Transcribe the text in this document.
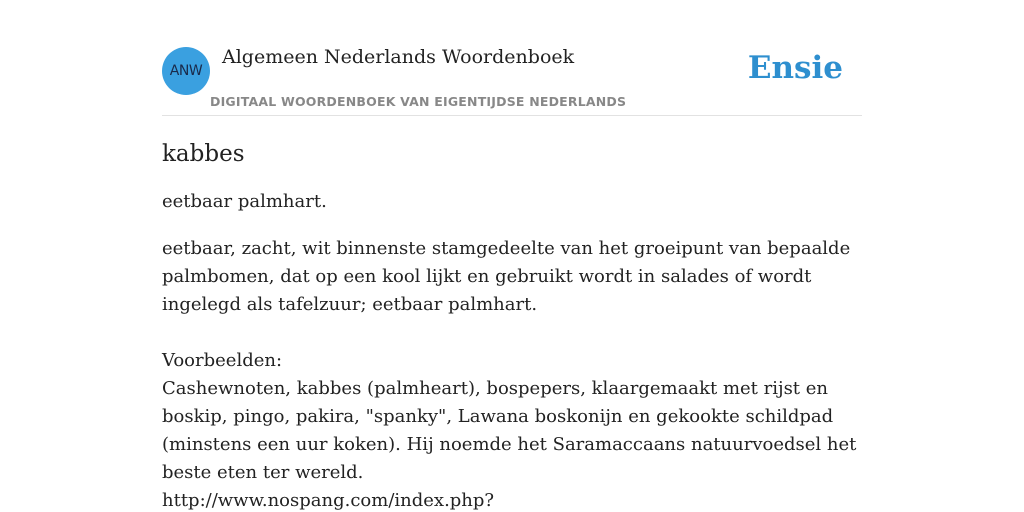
ANW
Algemeen Nederlands Woordenboek
DIGITAAL WOORDENBOEK VAN EIGENTIJDSE NEDERLANDS
Ensie
kabbes

eetbaar palmhart.

eetbaar, zacht, wit binnenste stamgedeelte van het groeipunt van bepaalde palmbomen, dat op een kool lijkt en gebruikt wordt in salades of wordt ingelegd als tafelzuur; eetbaar palmhart.

Voorbeelden:

Cashewnoten, kabbes (palmheart), bospepers, klaargemaakt met rijst en boskip, pingo, pakira, "spanky", Lawana boskonijn en gekookte schildpad (minstens een uur koken). Hij noemde het Saramaccaans natuurvoedsel het beste eten ter wereld.

http://www.nospang.com/index.php?
